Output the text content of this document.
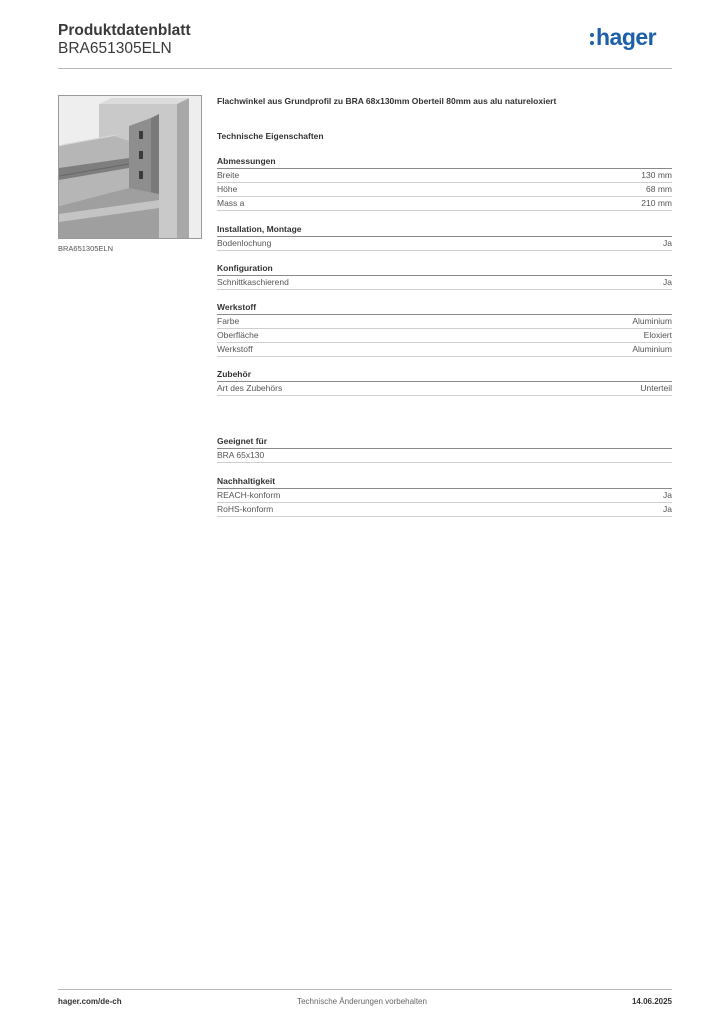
Produktdatenblatt
BRA651305ELN	hager
BRA651305ELN
Flachwinkel aus Grundprofil zu BRA 68x130mm Oberteil 80mm aus alu natureloxiert
Technische Eigenschaften
Abmessungen
Breite	130 mm
Höhe	68 mm
Mass a	210 mm
Installation, Montage
Bodenlochung	Ja
Konfiguration
Schnittkaschierend	Ja
Werkstoff
Farbe	Aluminium
Oberfläche	Eloxiert
Werkstoff	Aluminium
Zubehör
Art des Zubehörs	Unterteil
Geeignet für
BRA 65x130
Nachhaltigkeit
REACH-konform	Ja
RoHS-konform	Ja
hager.com/de-ch	Technische Änderungen vorbehalten	14.06.2025
